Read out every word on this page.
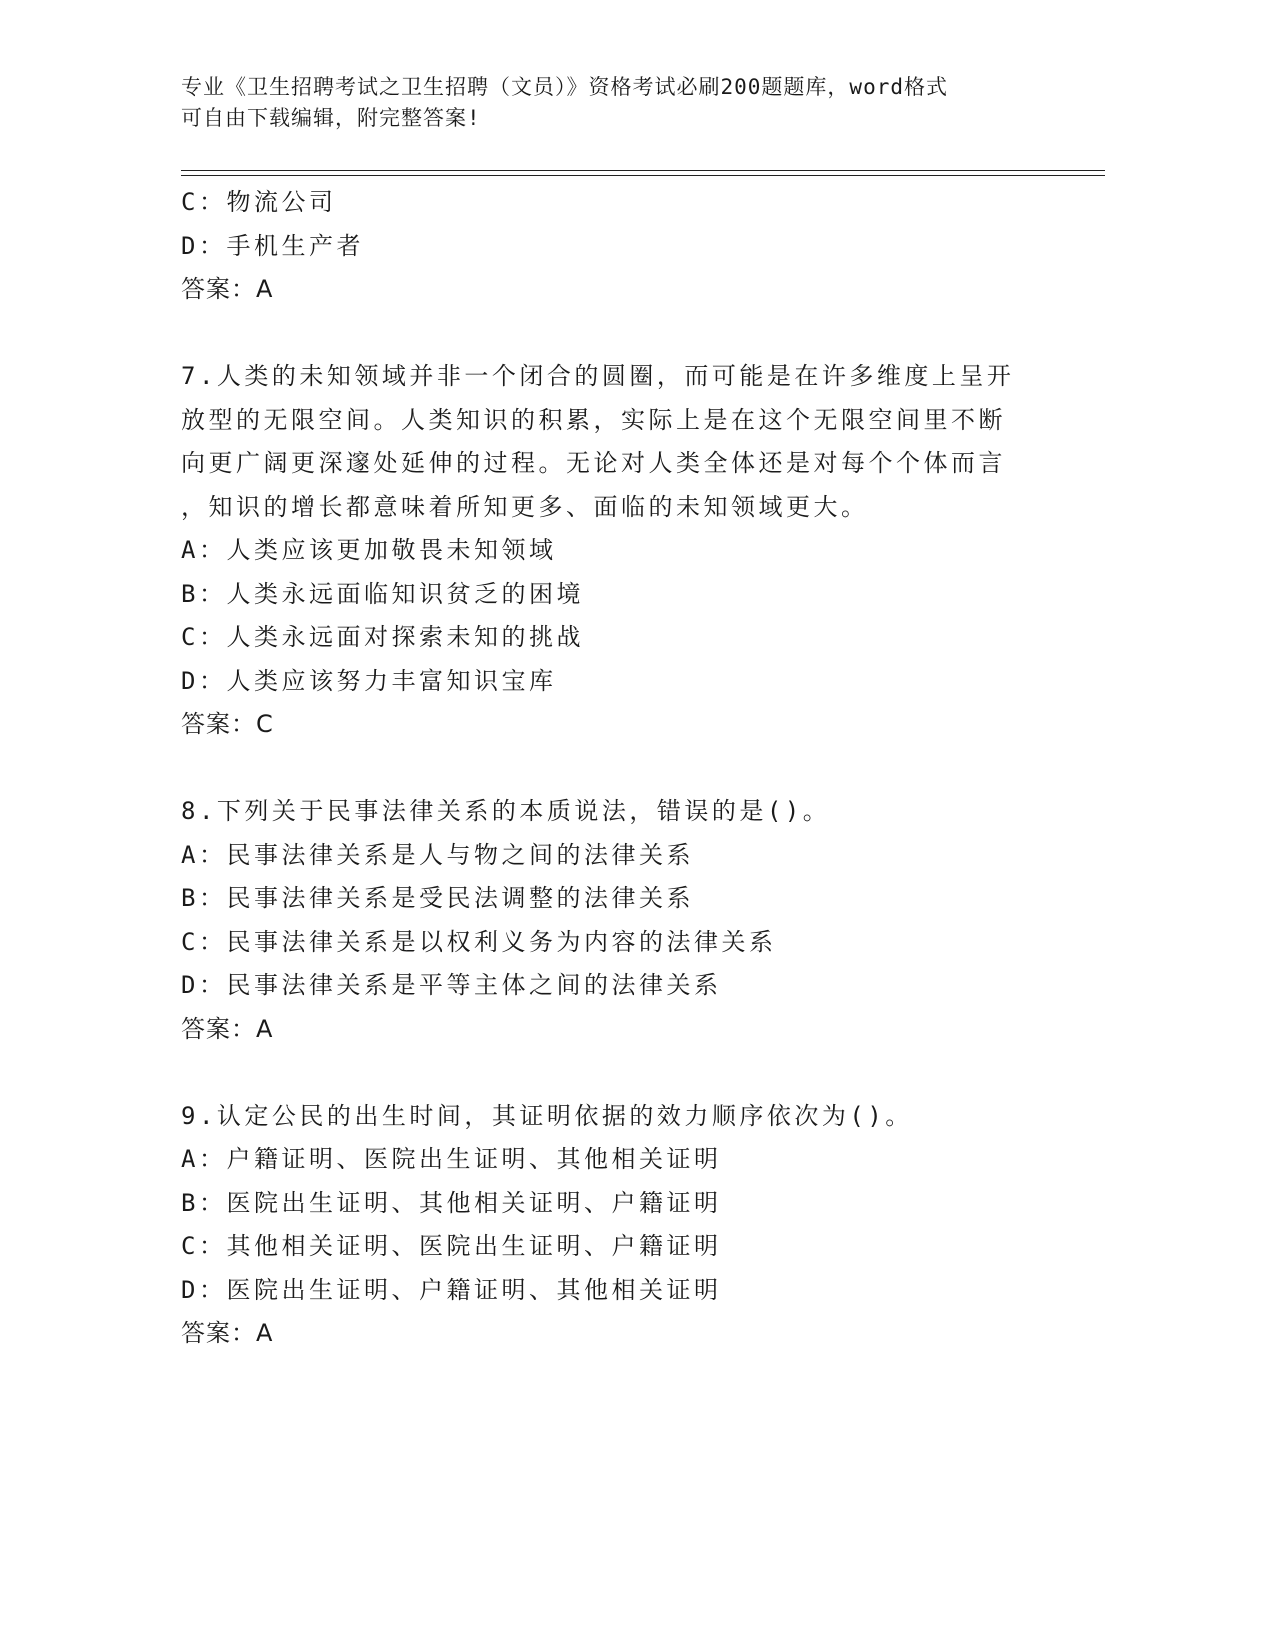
专业《卫生招聘考试之卫生招聘（文员）》资格考试必刷200题题库，word格式
可自由下载编辑，附完整答案!
C：物流公司
D：手机生产者
答案：A
7.人类的未知领域并非一个闭合的圆圈，而可能是在许多维度上呈开
放型的无限空间。人类知识的积累，实际上是在这个无限空间里不断
向更广阔更深邃处延伸的过程。无论对人类全体还是对每个个体而言
，知识的增长都意味着所知更多、面临的未知领域更大。
A：人类应该更加敬畏未知领域
B：人类永远面临知识贫乏的困境
C：人类永远面对探索未知的挑战
D：人类应该努力丰富知识宝库
答案：C
8.下列关于民事法律关系的本质说法，错误的是()。
A：民事法律关系是人与物之间的法律关系
B：民事法律关系是受民法调整的法律关系
C：民事法律关系是以权利义务为内容的法律关系
D：民事法律关系是平等主体之间的法律关系
答案：A
9.认定公民的出生时间，其证明依据的效力顺序依次为()。
A：户籍证明、医院出生证明、其他相关证明
B：医院出生证明、其他相关证明、户籍证明
C：其他相关证明、医院出生证明、户籍证明
D：医院出生证明、户籍证明、其他相关证明
答案：A
